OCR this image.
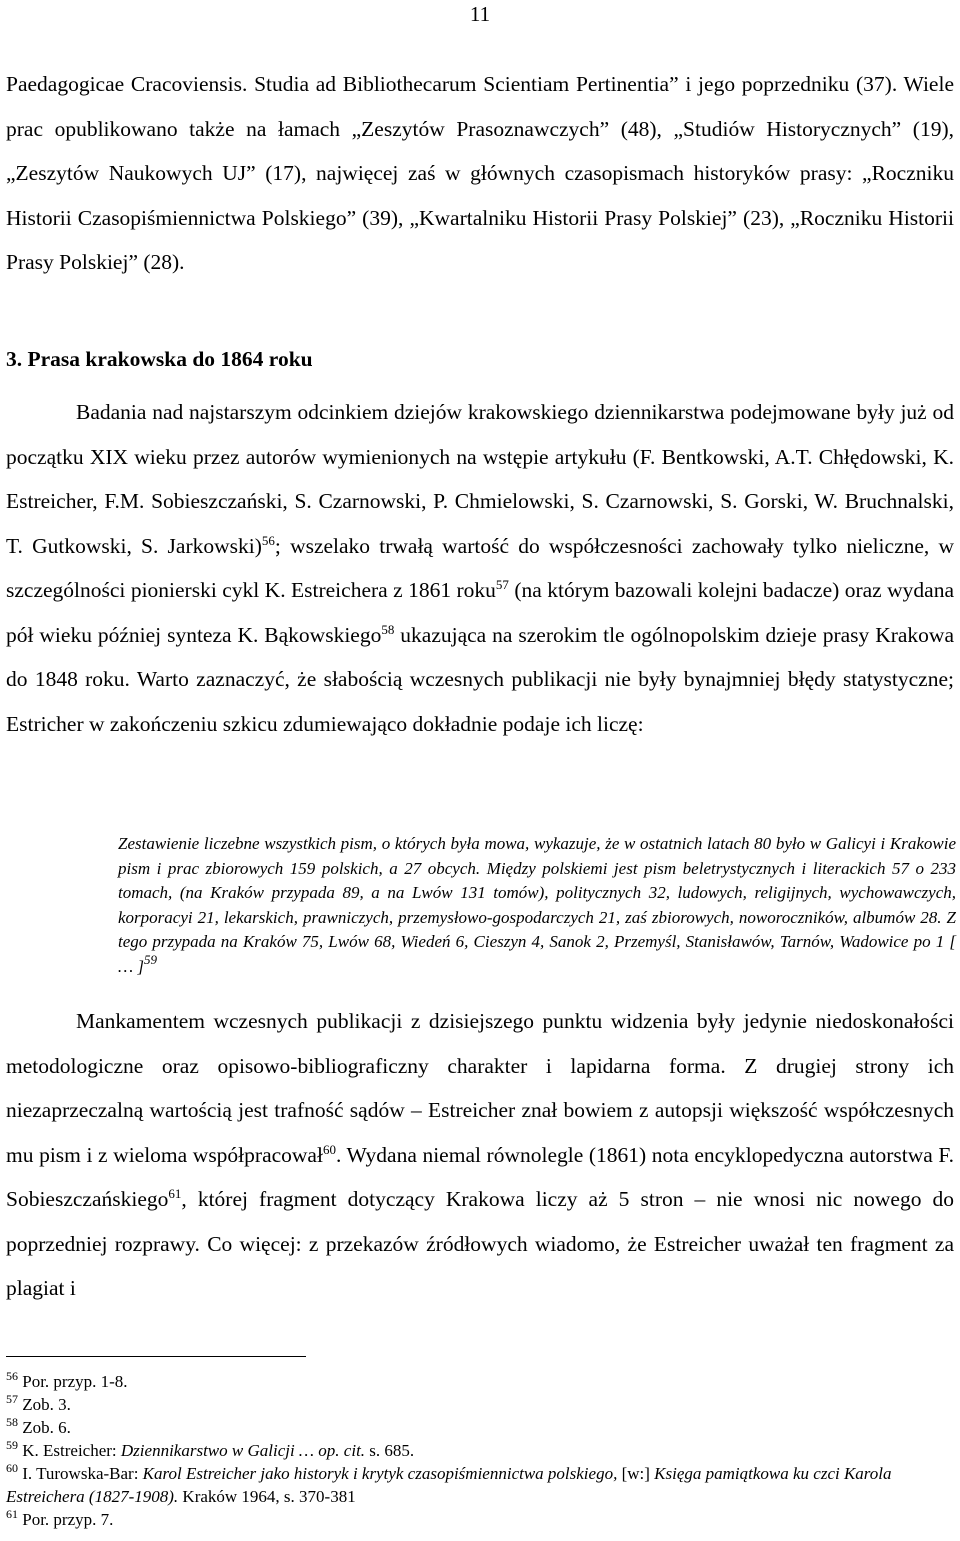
11

Paedagogicae Cracoviensis. Studia ad Bibliothecarum Scientiam Pertinentia” i jego poprzedniku (37). Wiele prac opublikowano także na łamach „Zeszytów Prasoznawczych” (48), „Studiów Historycznych” (19), „Zeszytów Naukowych UJ” (17), najwięcej zaś w głównych czasopismach historyków prasy: „Roczniku Historii Czasopiśmiennictwa Polskiego” (39), „Kwartalniku Historii Prasy Polskiej” (23), „Roczniku Historii Prasy Polskiej” (28).

3. Prasa krakowska do 1864 roku

Badania nad najstarszym odcinkiem dziejów krakowskiego dziennikarstwa podejmowane były już od początku XIX wieku przez autorów wymienionych na wstępie artykułu (F. Bentkowski, A.T. Chłędowski, K. Estreicher, F.M. Sobieszczański, S. Czarnowski, P. Chmielowski, S. Czarnowski, S. Gorski, W. Bruchnalski, T. Gutkowski, S. Jarkowski)$^{56}$; wszelako trwałą wartość do współczesności zachowały tylko nieliczne, w szczególności pionierski cykl K. Estreichera z 1861 roku$^{57}$ (na którym bazowali kolejni badacze) oraz wydana pół wieku później synteza K. Bąkowskiego$^{58}$ ukazująca na szerokim tle ogólnopolskim dzieje prasy Krakowa do 1848 roku. Warto zaznaczyć, że słabością wczesnych publikacji nie były bynajmniej błędy statystyczne; Estricher w zakończeniu szkicu zdumiewająco dokładnie podaje ich liczę:

Zestawienie liczebne wszystkich pism, o których była mowa, wykazuje, że w ostatnich latach 80 było w Galicyi i Krakowie pism i prac zbiorowych 159 polskich, a 27 obcych. Między polskiemi jest pism beletrystycznych i literackich 57 o 233 tomach, (na Kraków przypada 89, a na Lwów 131 tomów), politycznych 32, ludowych, religijnych, wychowawczych, korporacyi 21, lekarskich, prawniczych, przemysłowo-gospodarczych 21, zaś zbiorowych, noworoczników, albumów 28. Z tego przypada na Kraków 75, Lwów 68, Wiedeń 6, Cieszyn 4, Sanok 2, Przemyśl, Stanisławów, Tarnów, Wadowice po 1 [ … ]$^{59}$

Mankamentem wczesnych publikacji z dzisiejszego punktu widzenia były jedynie niedoskonałości metodologiczne oraz opisowo-bibliograficzny charakter i lapidarna forma. Z drugiej strony ich niezaprzeczalną wartością jest trafność sądów – Estreicher znał bowiem z autopsji większość współczesnych mu pism i z wieloma współpracował$^{60}$. Wydana niemal równolegle (1861) nota encyklopedyczna autorstwa F. Sobieszczańskiego$^{61}$, której fragment dotyczący Krakowa liczy aż 5 stron – nie wnosi nic nowego do poprzedniej rozprawy. Co więcej: z przekazów źródłowych wiadomo, że Estreicher uważał ten fragment za plagiat i

$^{56}$ Por. przyp. 1-8.

$^{57}$ Zob. 3.

$^{58}$ Zob. 6.

$^{59}$ K. Estreicher: Dziennikarstwo w Galicji … op. cit. s. 685.

$^{60}$ I. Turowska-Bar: Karol Estreicher jako historyk i krytyk czasopiśmiennictwa polskiego, [w:] Księga pamiątkowa ku czci Karola Estreichera (1827-1908). Kraków 1964, s. 370-381

$^{61}$ Por. przyp. 7.
